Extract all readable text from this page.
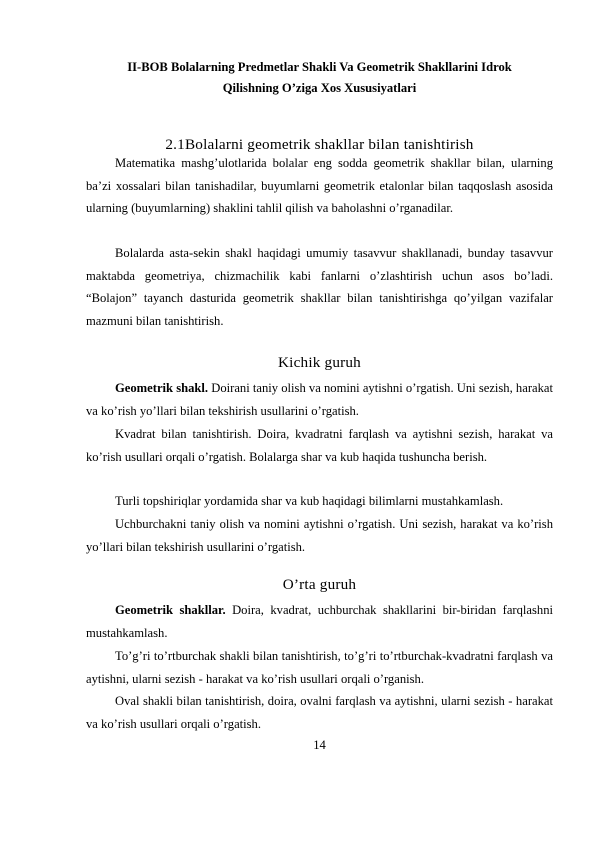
II-BOB Bolalarning Predmetlar Shakli Va Geometrik Shakllarini Idrok
Qilishning O’ziga Xos Xususiyatlari
2.1Bolalarni geometrik shakllar bilan tanishtirish

Matematika mashg’ulotlarida bolalar eng sodda geometrik shakllar bilan, ularning ba’zi xossalari bilan tanishadilar, buyumlarni geometrik etalonlar bilan taqqoslash asosida ularning (buyumlarning) shaklini tahlil qilish va baholashni o’rganadilar.

Bolalarda asta-sekin shakl haqidagi umumiy tasavvur shakllanadi, bunday tasavvur maktabda geometriya, chizmachilik kabi fanlarni o’zlashtirish uchun asos bo’ladi. “Bolajon” tayanch dasturida geometrik shakllar bilan tanishtirishga qo’yilgan vazifalar mazmuni bilan tanishtirish.

Kichik guruh

Geometrik shakl. Doirani taniy olish va nomini aytishni o’rgatish. Uni sezish, harakat va ko’rish yo’llari bilan tekshirish usullarini o’rgatish.

Kvadrat bilan tanishtirish. Doira, kvadratni farqlash va aytishni sezish, harakat va ko’rish usullari orqali o’rgatish. Bolalarga shar va kub haqida tushuncha berish.

Turli topshiriqlar yordamida shar va kub haqidagi bilimlarni mustahkamlash.

Uchburchakni taniy olish va nomini aytishni o’rgatish. Uni sezish, harakat va ko’rish yo’llari bilan tekshirish usullarini o’rgatish.

O’rta guruh

Geometrik shakllar. Doira, kvadrat, uchburchak shakllarini bir-biridan farqlashni mustahkamlash.

To’g’ri to’rtburchak shakli bilan tanishtirish, to’g’ri to’rtburchak-kvadratni farqlash va aytishni, ularni sezish - harakat va ko’rish usullari orqali o’rganish.

Oval shakli bilan tanishtirish, doira, ovalni farqlash va aytishni, ularni sezish - harakat va ko’rish usullari orqali o’rgatish.

14
